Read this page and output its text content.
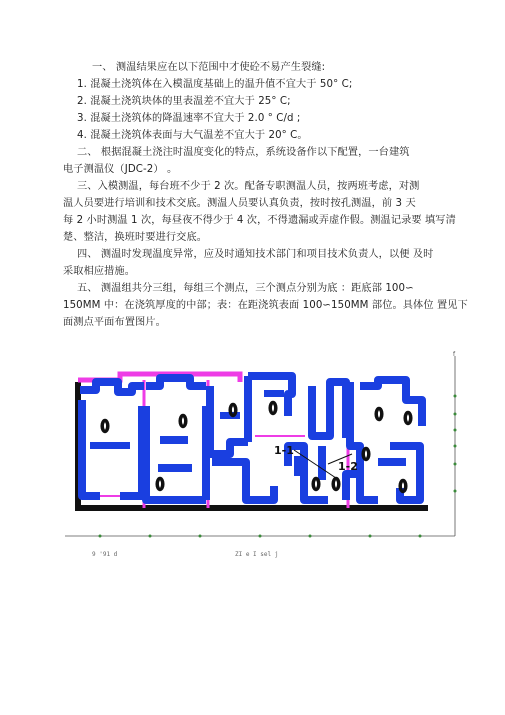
一、 测温结果应在以下范围中才使砼不易产生裂缝:
1. 混凝土浇筑体在入模温度基础上的温升值不宜大于 50° C;
2. 混凝土浇筑块体的里表温差不宜大于 25° C;
3. 混凝土浇筑体的降温速率不宜大于 2.0 ° C/d ;
4. 混凝土浇筑体表面与大气温差不宜大于 20° C。
二、 根据混凝土浇注时温度变化的特点，系统设备作以下配置，一台建筑
电子测温仪（JDC-2） 。
三、入模测温，每台班不少于 2 次。配备专职测温人员，按两班考虑，对测
温人员要进行培训和技术交底。测温人员要认真负责，按时按孔测温，前 3 天
每 2 小时测温 1 次，每昼夜不得少于 4 次，不得遗漏或弄虚作假。测温记录要 填写清
楚、整洁，换班时要进行交底。
四、 测温时发现温度异常，应及时通知技术部门和项目技术负责人，以便 及时
采取相应措施。
五、 测温组共分三组，每组三个测点，三个测点分别为底 ：距底部 100∽
150MM 中：在浇筑厚度的中部；表：在距浇筑表面 100∽150MM 部位。具体位 置见下
面测点平面布置图片。
1-1
1-2
f
9 '91 d	ZI e I sel j
